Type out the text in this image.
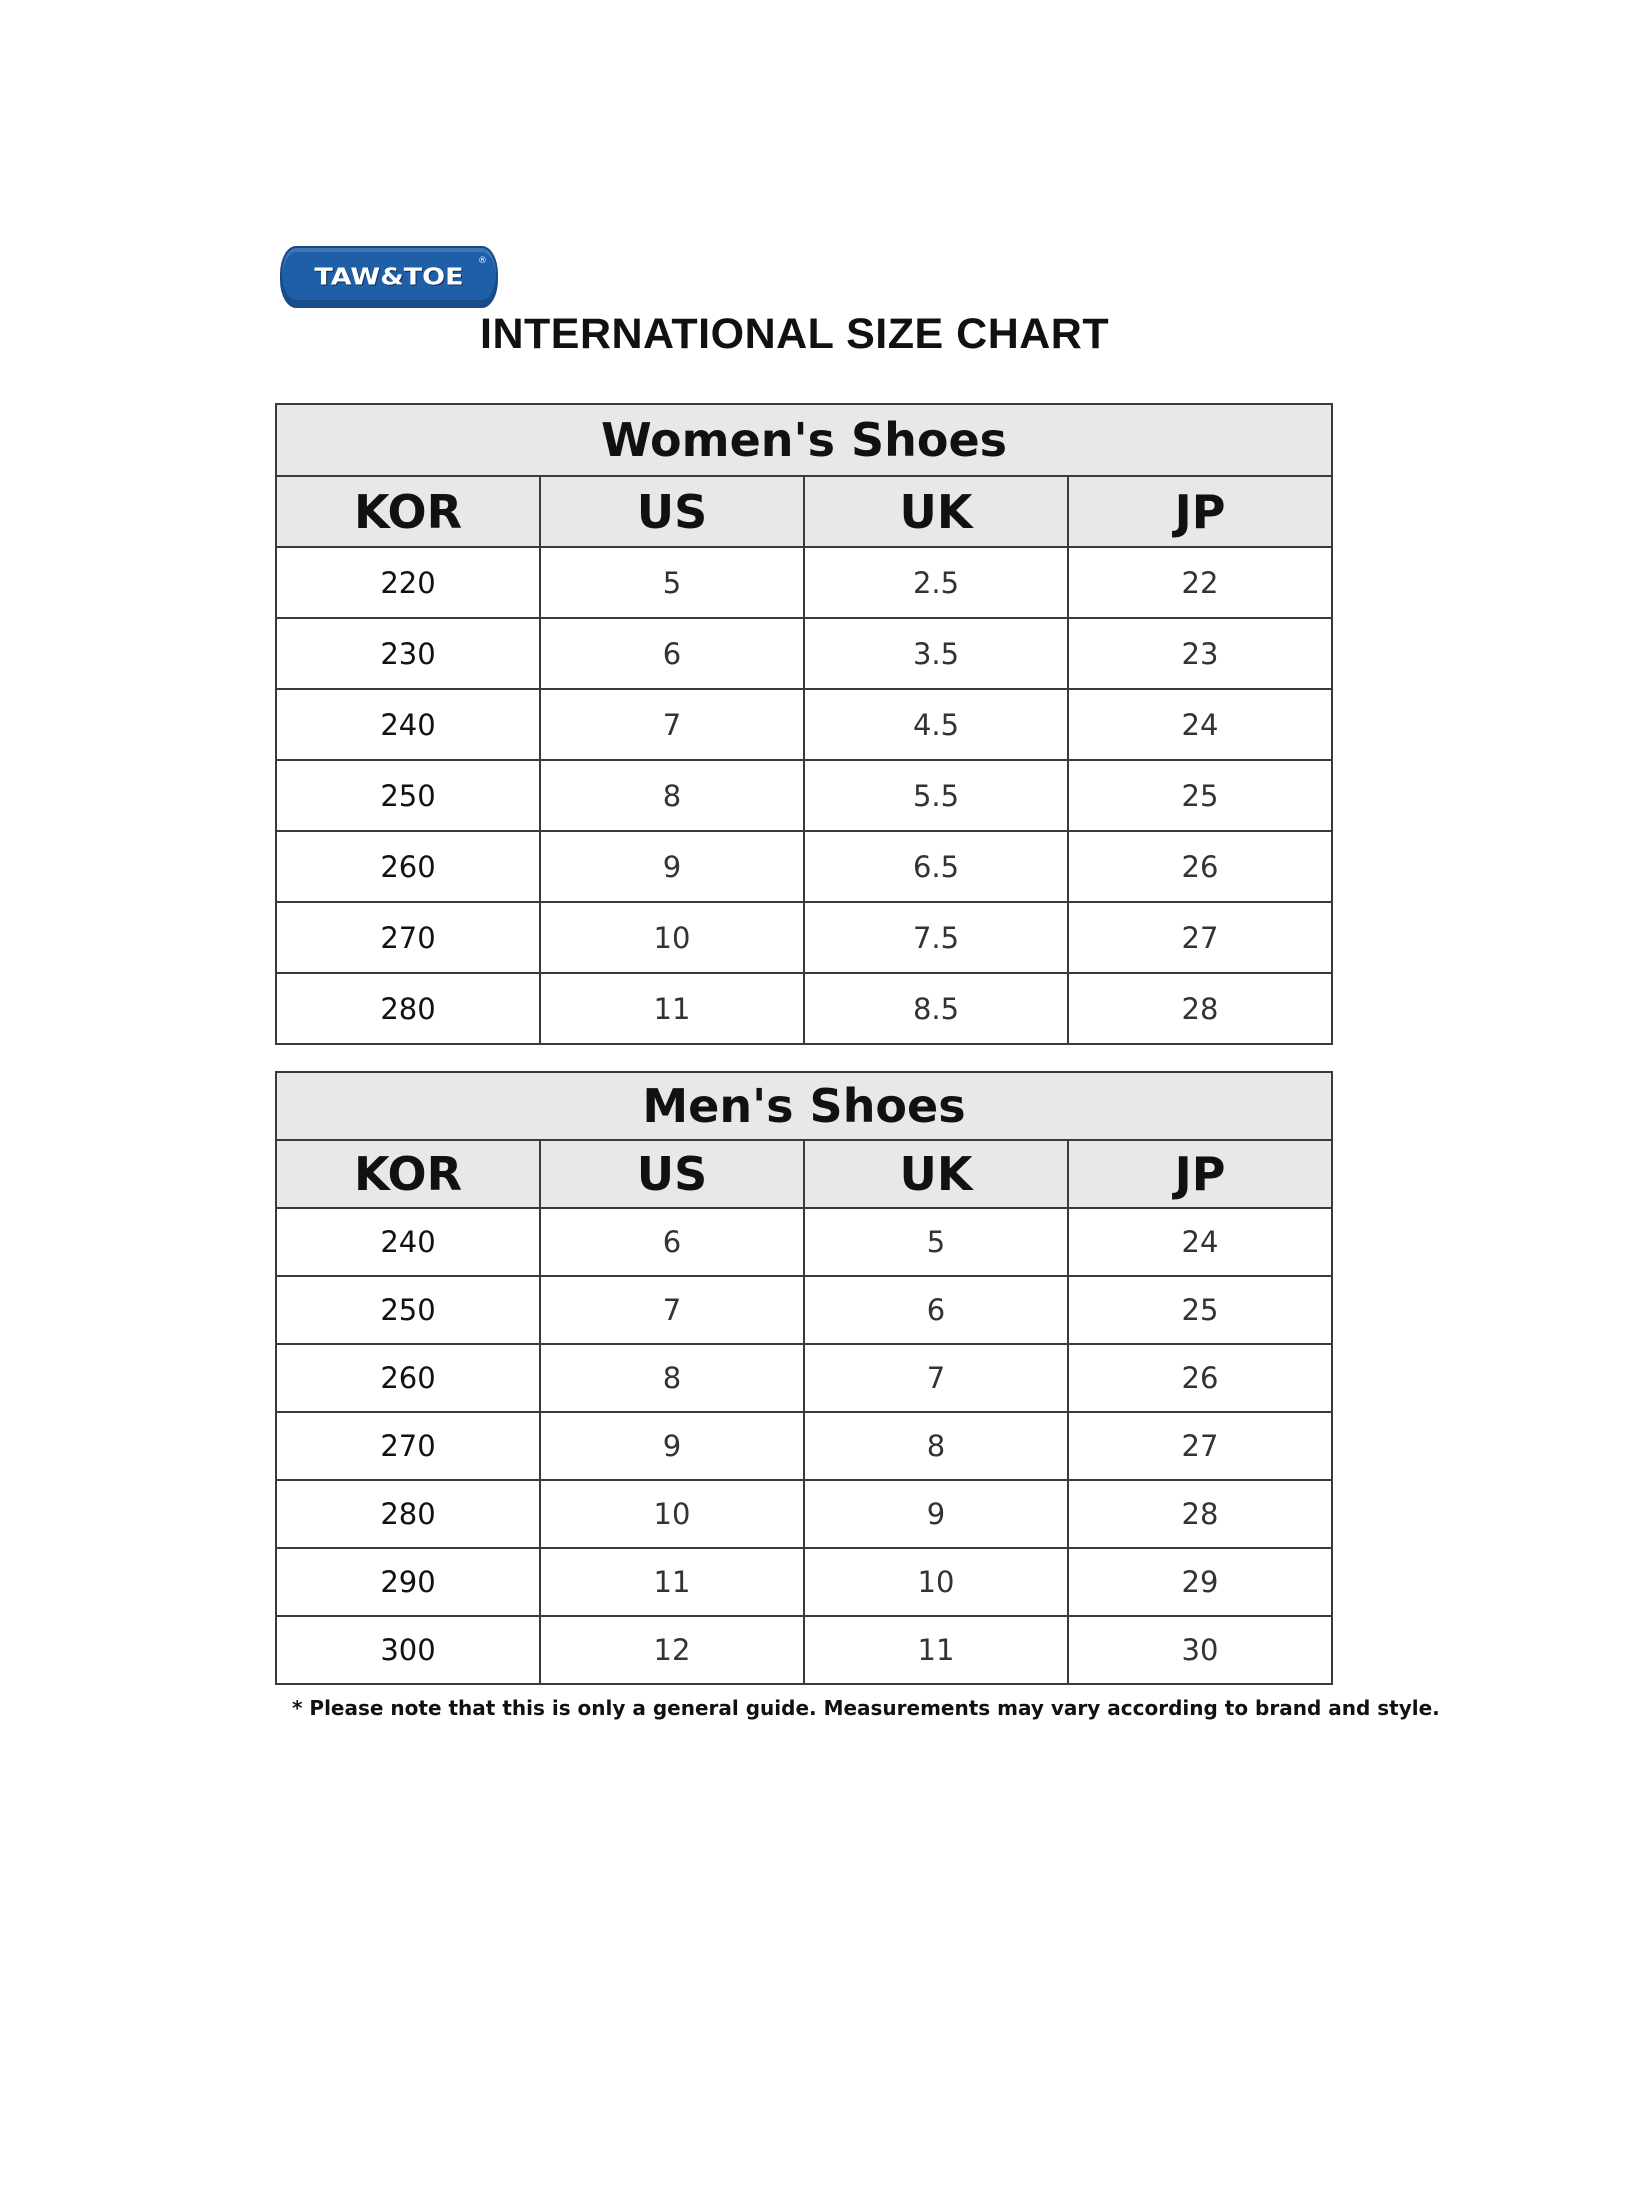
TAW&TOE
®
INTERNATIONAL SIZE CHART
Women's Shoes			
KOR	US	UK	JP
220	5	2.5	22
230	6	3.5	23
240	7	4.5	24
250	8	5.5	25
260	9	6.5	26
270	10	7.5	27
280	11	8.5	28
Men's Shoes			
KOR	US	UK	JP
240	6	5	24
250	7	6	25
260	8	7	26
270	9	8	27
280	10	9	28
290	11	10	29
300	12	11	30
* Please note that this is only a general guide. Measurements may vary according to brand and style.
